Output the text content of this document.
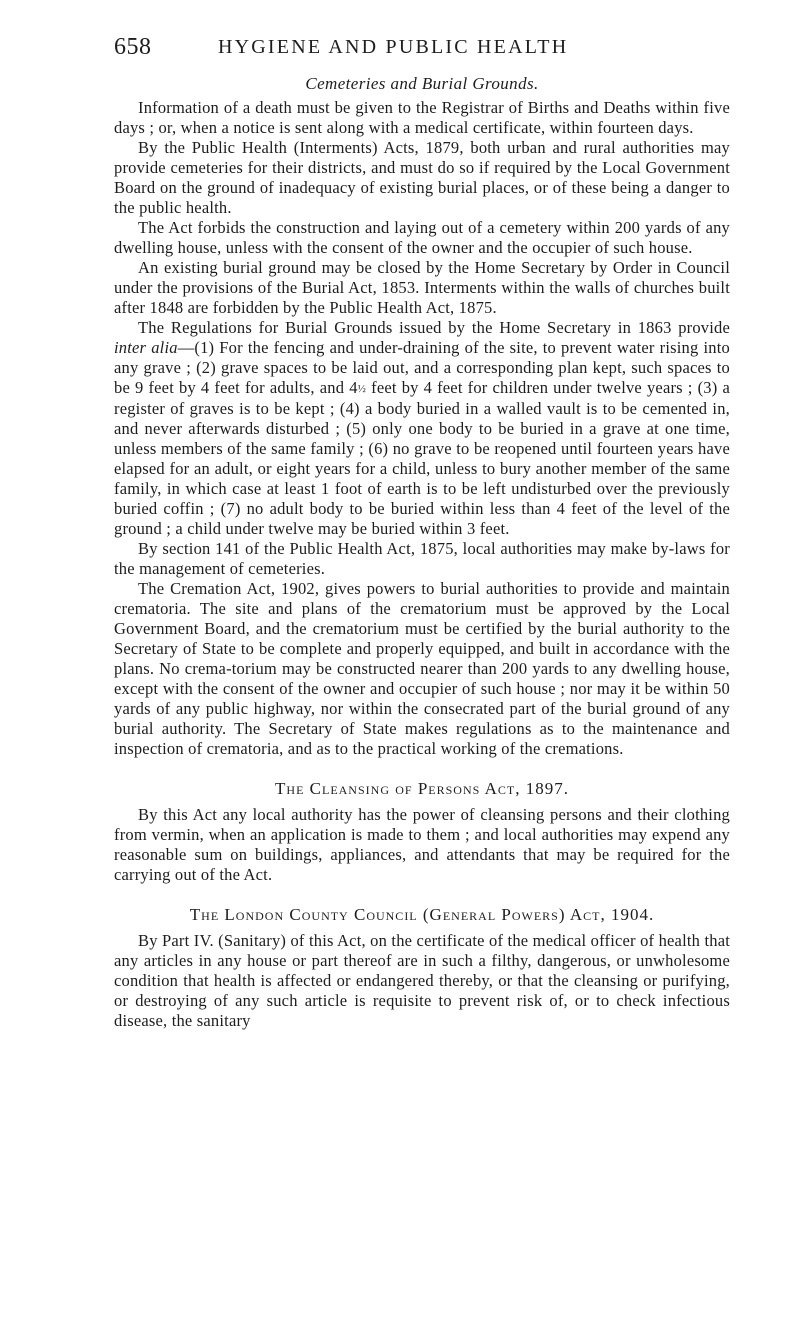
658	HYGIENE AND PUBLIC HEALTH
Cemeteries and Burial Grounds.

Information of a death must be given to the Registrar of Births and Deaths within five days ; or, when a notice is sent along with a medical certificate, within fourteen days.

By the Public Health (Interments) Acts, 1879, both urban and rural authorities may provide cemeteries for their districts, and must do so if required by the Local Government Board on the ground of inadequacy of existing burial places, or of these being a danger to the public health.

The Act forbids the construction and laying out of a cemetery within 200 yards of any dwelling house, unless with the consent of the owner and the occupier of such house.

An existing burial ground may be closed by the Home Secretary by Order in Council under the provisions of the Burial Act, 1853. Interments within the walls of churches built after 1848 are forbidden by the Public Health Act, 1875.

The Regulations for Burial Grounds issued by the Home Secretary in 1863 provide inter alia—(1) For the fencing and under-draining of the site, to prevent water rising into any grave ; (2) grave spaces to be laid out, and a corresponding plan kept, such spaces to be 9 feet by 4 feet for adults, and 4½ feet by 4 feet for children under twelve years ; (3) a register of graves is to be kept ; (4) a body buried in a walled vault is to be cemented in, and never afterwards disturbed ; (5) only one body to be buried in a grave at one time, unless members of the same family ; (6) no grave to be reopened until fourteen years have elapsed for an adult, or eight years for a child, unless to bury another member of the same family, in which case at least 1 foot of earth is to be left undisturbed over the previously buried coffin ; (7) no adult body to be buried within less than 4 feet of the level of the ground ; a child under twelve may be buried within 3 feet.

By section 141 of the Public Health Act, 1875, local authorities may make by-laws for the management of cemeteries.

The Cremation Act, 1902, gives powers to burial authorities to provide and maintain crematoria. The site and plans of the crematorium must be approved by the Local Government Board, and the crematorium must be certified by the burial authority to the Secretary of State to be complete and properly equipped, and built in accordance with the plans. No crema-torium may be constructed nearer than 200 yards to any dwelling house, except with the consent of the owner and occupier of such house ; nor may it be within 50 yards of any public highway, nor within the consecrated part of the burial ground of any burial authority. The Secretary of State makes regulations as to the maintenance and inspection of crematoria, and as to the practical working of the cremations.

The Cleansing of Persons Act, 1897.

By this Act any local authority has the power of cleansing persons and their clothing from vermin, when an application is made to them ; and local authorities may expend any reasonable sum on buildings, appliances, and attendants that may be required for the carrying out of the Act.

The London County Council (General Powers) Act, 1904.

By Part IV. (Sanitary) of this Act, on the certificate of the medical officer of health that any articles in any house or part thereof are in such a filthy, dangerous, or unwholesome condition that health is affected or endangered thereby, or that the cleansing or purifying, or destroying of any such article is requisite to prevent risk of, or to check infectious disease, the sanitary
